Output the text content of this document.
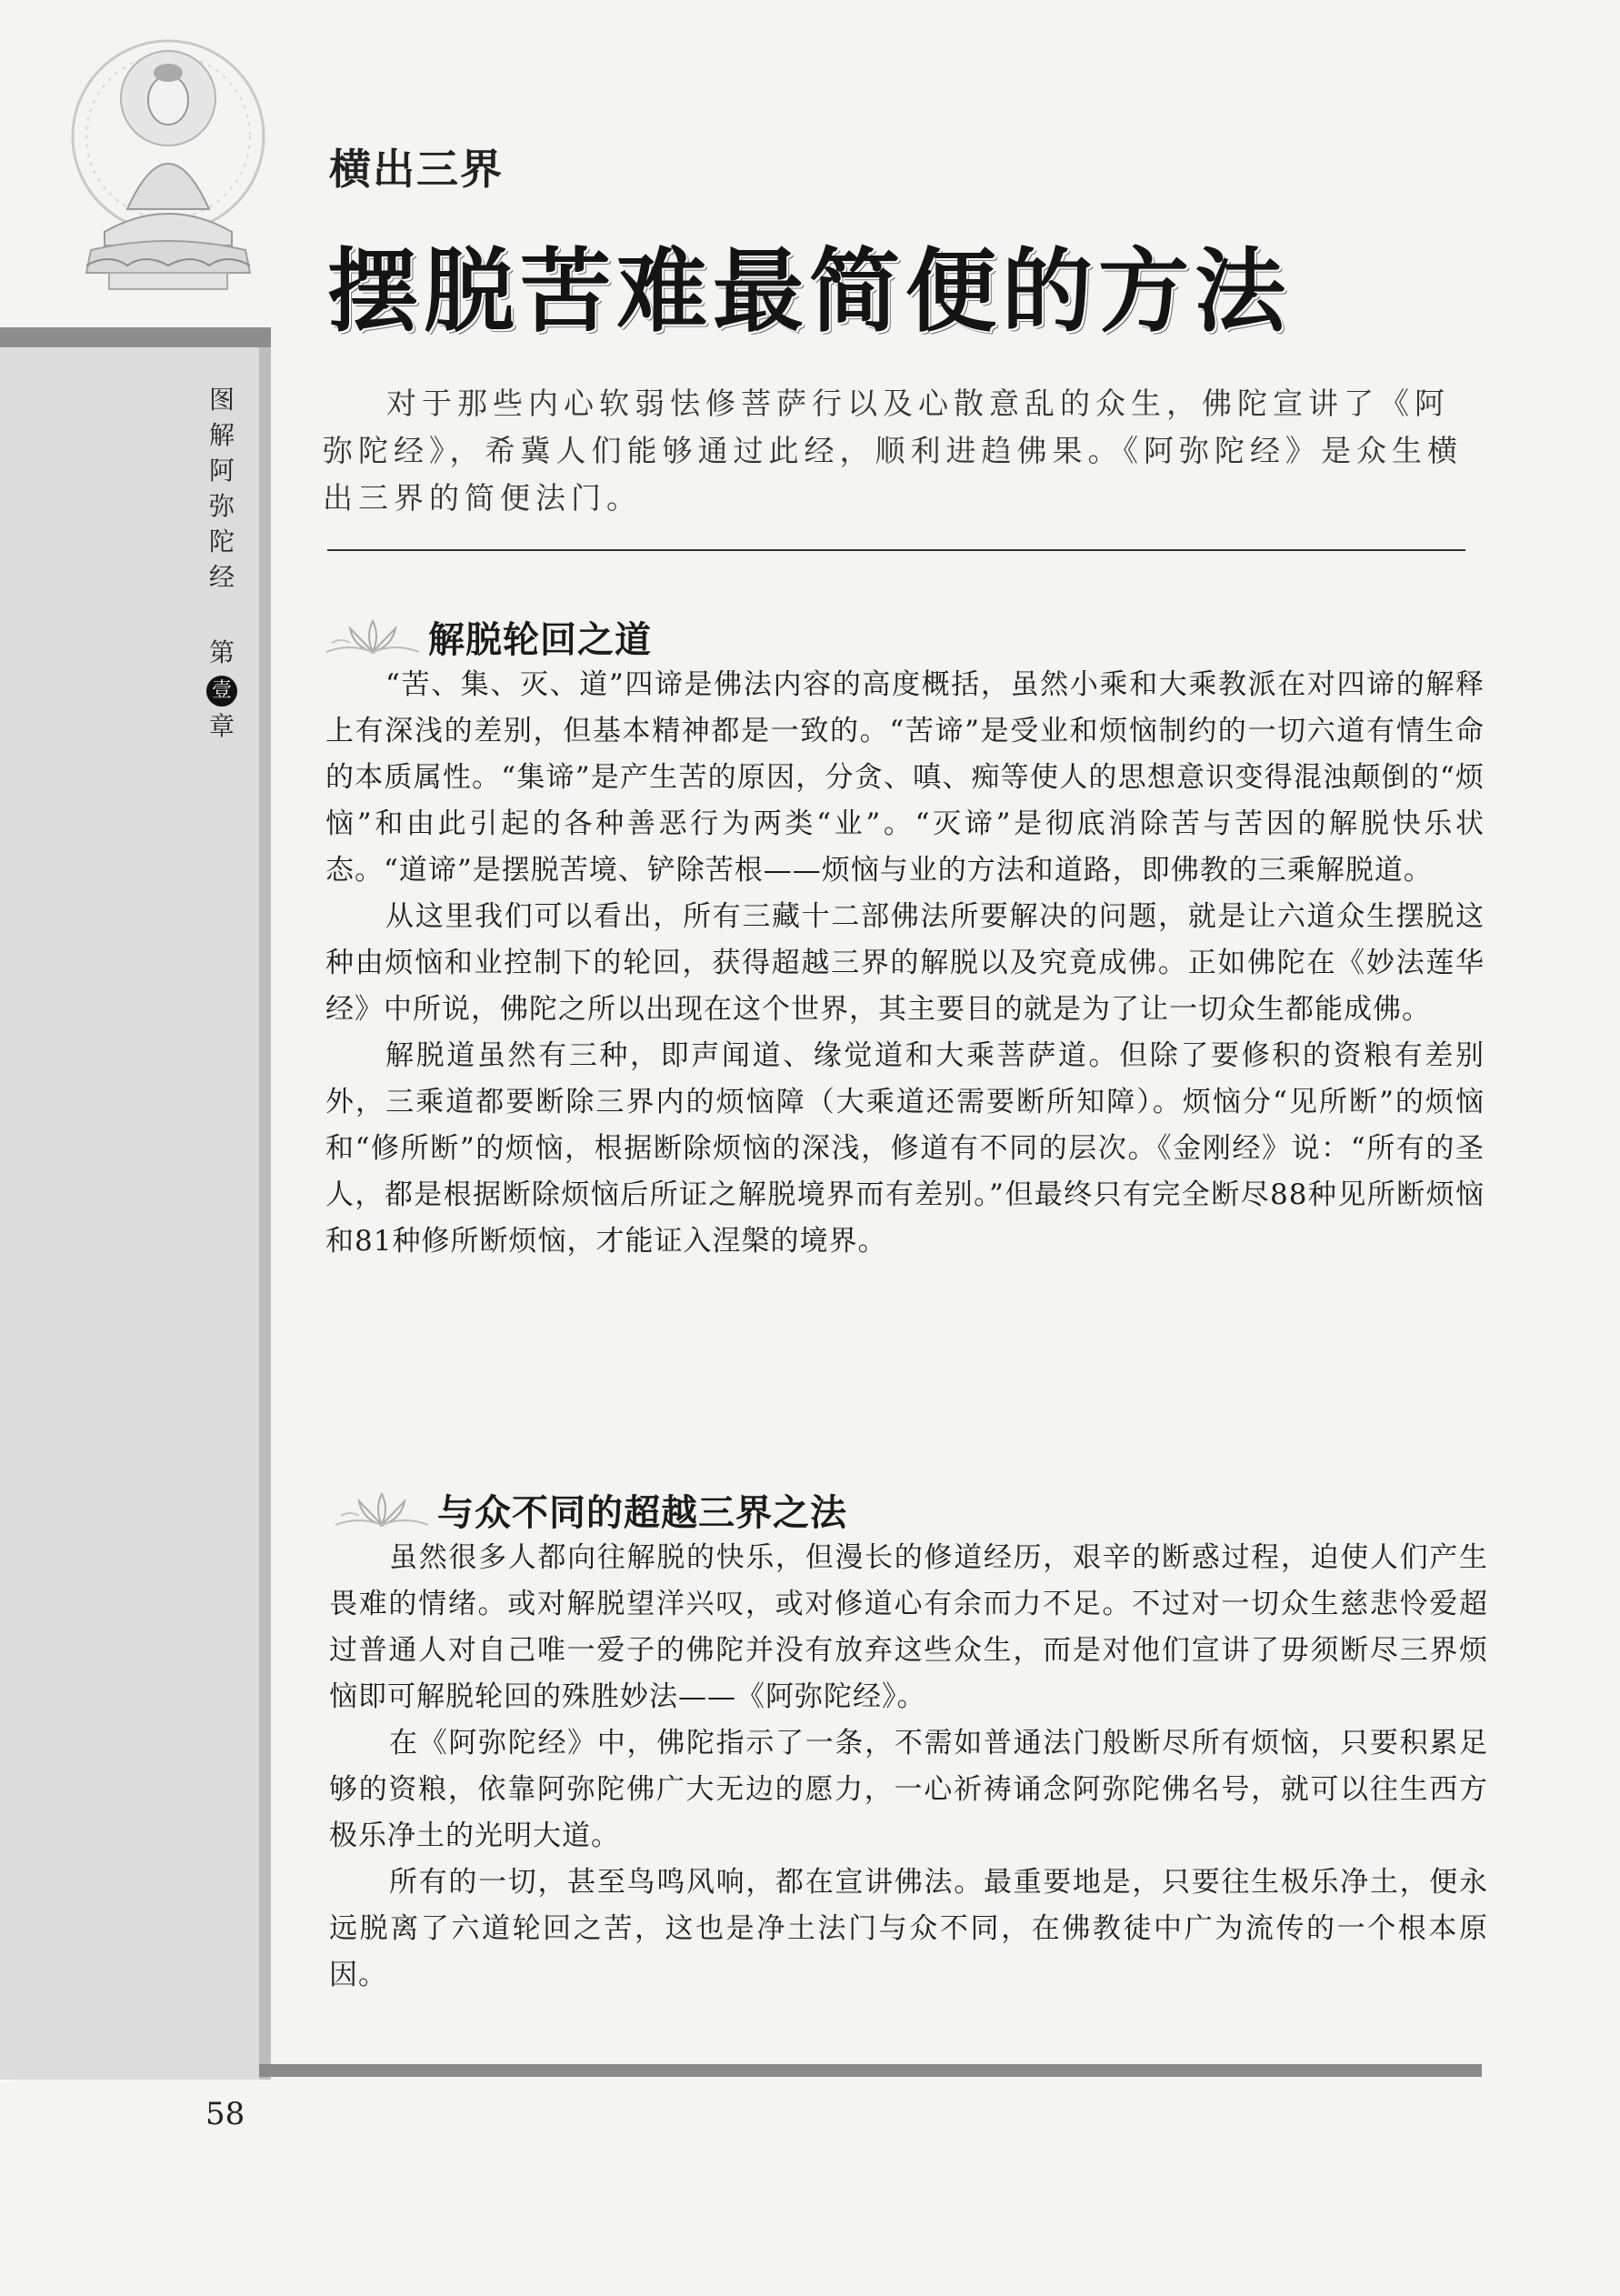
横出三界
摆脱苦难最简便的方法
图
解
阿
弥
陀
经
第
壹
章

对于那些内心软弱怯修菩萨行以及心散意乱的众生，佛陀宣讲了《阿弥陀经》，希冀人们能够通过此经，顺利进趋佛果。《阿弥陀经》是众生横出三界的简便法门。

解脱轮回之道

“苦、集、灭、道”四谛是佛法内容的高度概括，虽然小乘和大乘教派在对四谛的解释上有深浅的差别，但基本精神都是一致的。“苦谛”是受业和烦恼制约的一切六道有情生命的本质属性。“集谛”是产生苦的原因，分贪、嗔、痴等使人的思想意识变得混浊颠倒的“烦恼”和由此引起的各种善恶行为两类“业”。“灭谛”是彻底消除苦与苦因的解脱快乐状态。“道谛”是摆脱苦境、铲除苦根——烦恼与业的方法和道路，即佛教的三乘解脱道。

从这里我们可以看出，所有三藏十二部佛法所要解决的问题，就是让六道众生摆脱这种由烦恼和业控制下的轮回，获得超越三界的解脱以及究竟成佛。正如佛陀在《妙法莲华经》中所说，佛陀之所以出现在这个世界，其主要目的就是为了让一切众生都能成佛。

解脱道虽然有三种，即声闻道、缘觉道和大乘菩萨道。但除了要修积的资粮有差别外，三乘道都要断除三界内的烦恼障（大乘道还需要断所知障）。烦恼分“见所断”的烦恼和“修所断”的烦恼，根据断除烦恼的深浅，修道有不同的层次。《金刚经》说：“所有的圣人，都是根据断除烦恼后所证之解脱境界而有差别。”但最终只有完全断尽88种见所断烦恼和81种修所断烦恼，才能证入涅槃的境界。

与众不同的超越三界之法

虽然很多人都向往解脱的快乐，但漫长的修道经历，艰辛的断惑过程，迫使人们产生畏难的情绪。或对解脱望洋兴叹，或对修道心有余而力不足。不过对一切众生慈悲怜爱超过普通人对自己唯一爱子的佛陀并没有放弃这些众生，而是对他们宣讲了毋须断尽三界烦恼即可解脱轮回的殊胜妙法——《阿弥陀经》。

在《阿弥陀经》中，佛陀指示了一条，不需如普通法门般断尽所有烦恼，只要积累足够的资粮，依靠阿弥陀佛广大无边的愿力，一心祈祷诵念阿弥陀佛名号，就可以往生西方极乐净土的光明大道。

所有的一切，甚至鸟鸣风响，都在宣讲佛法。最重要地是，只要往生极乐净土，便永远脱离了六道轮回之苦，这也是净土法门与众不同，在佛教徒中广为流传的一个根本原因。

58
